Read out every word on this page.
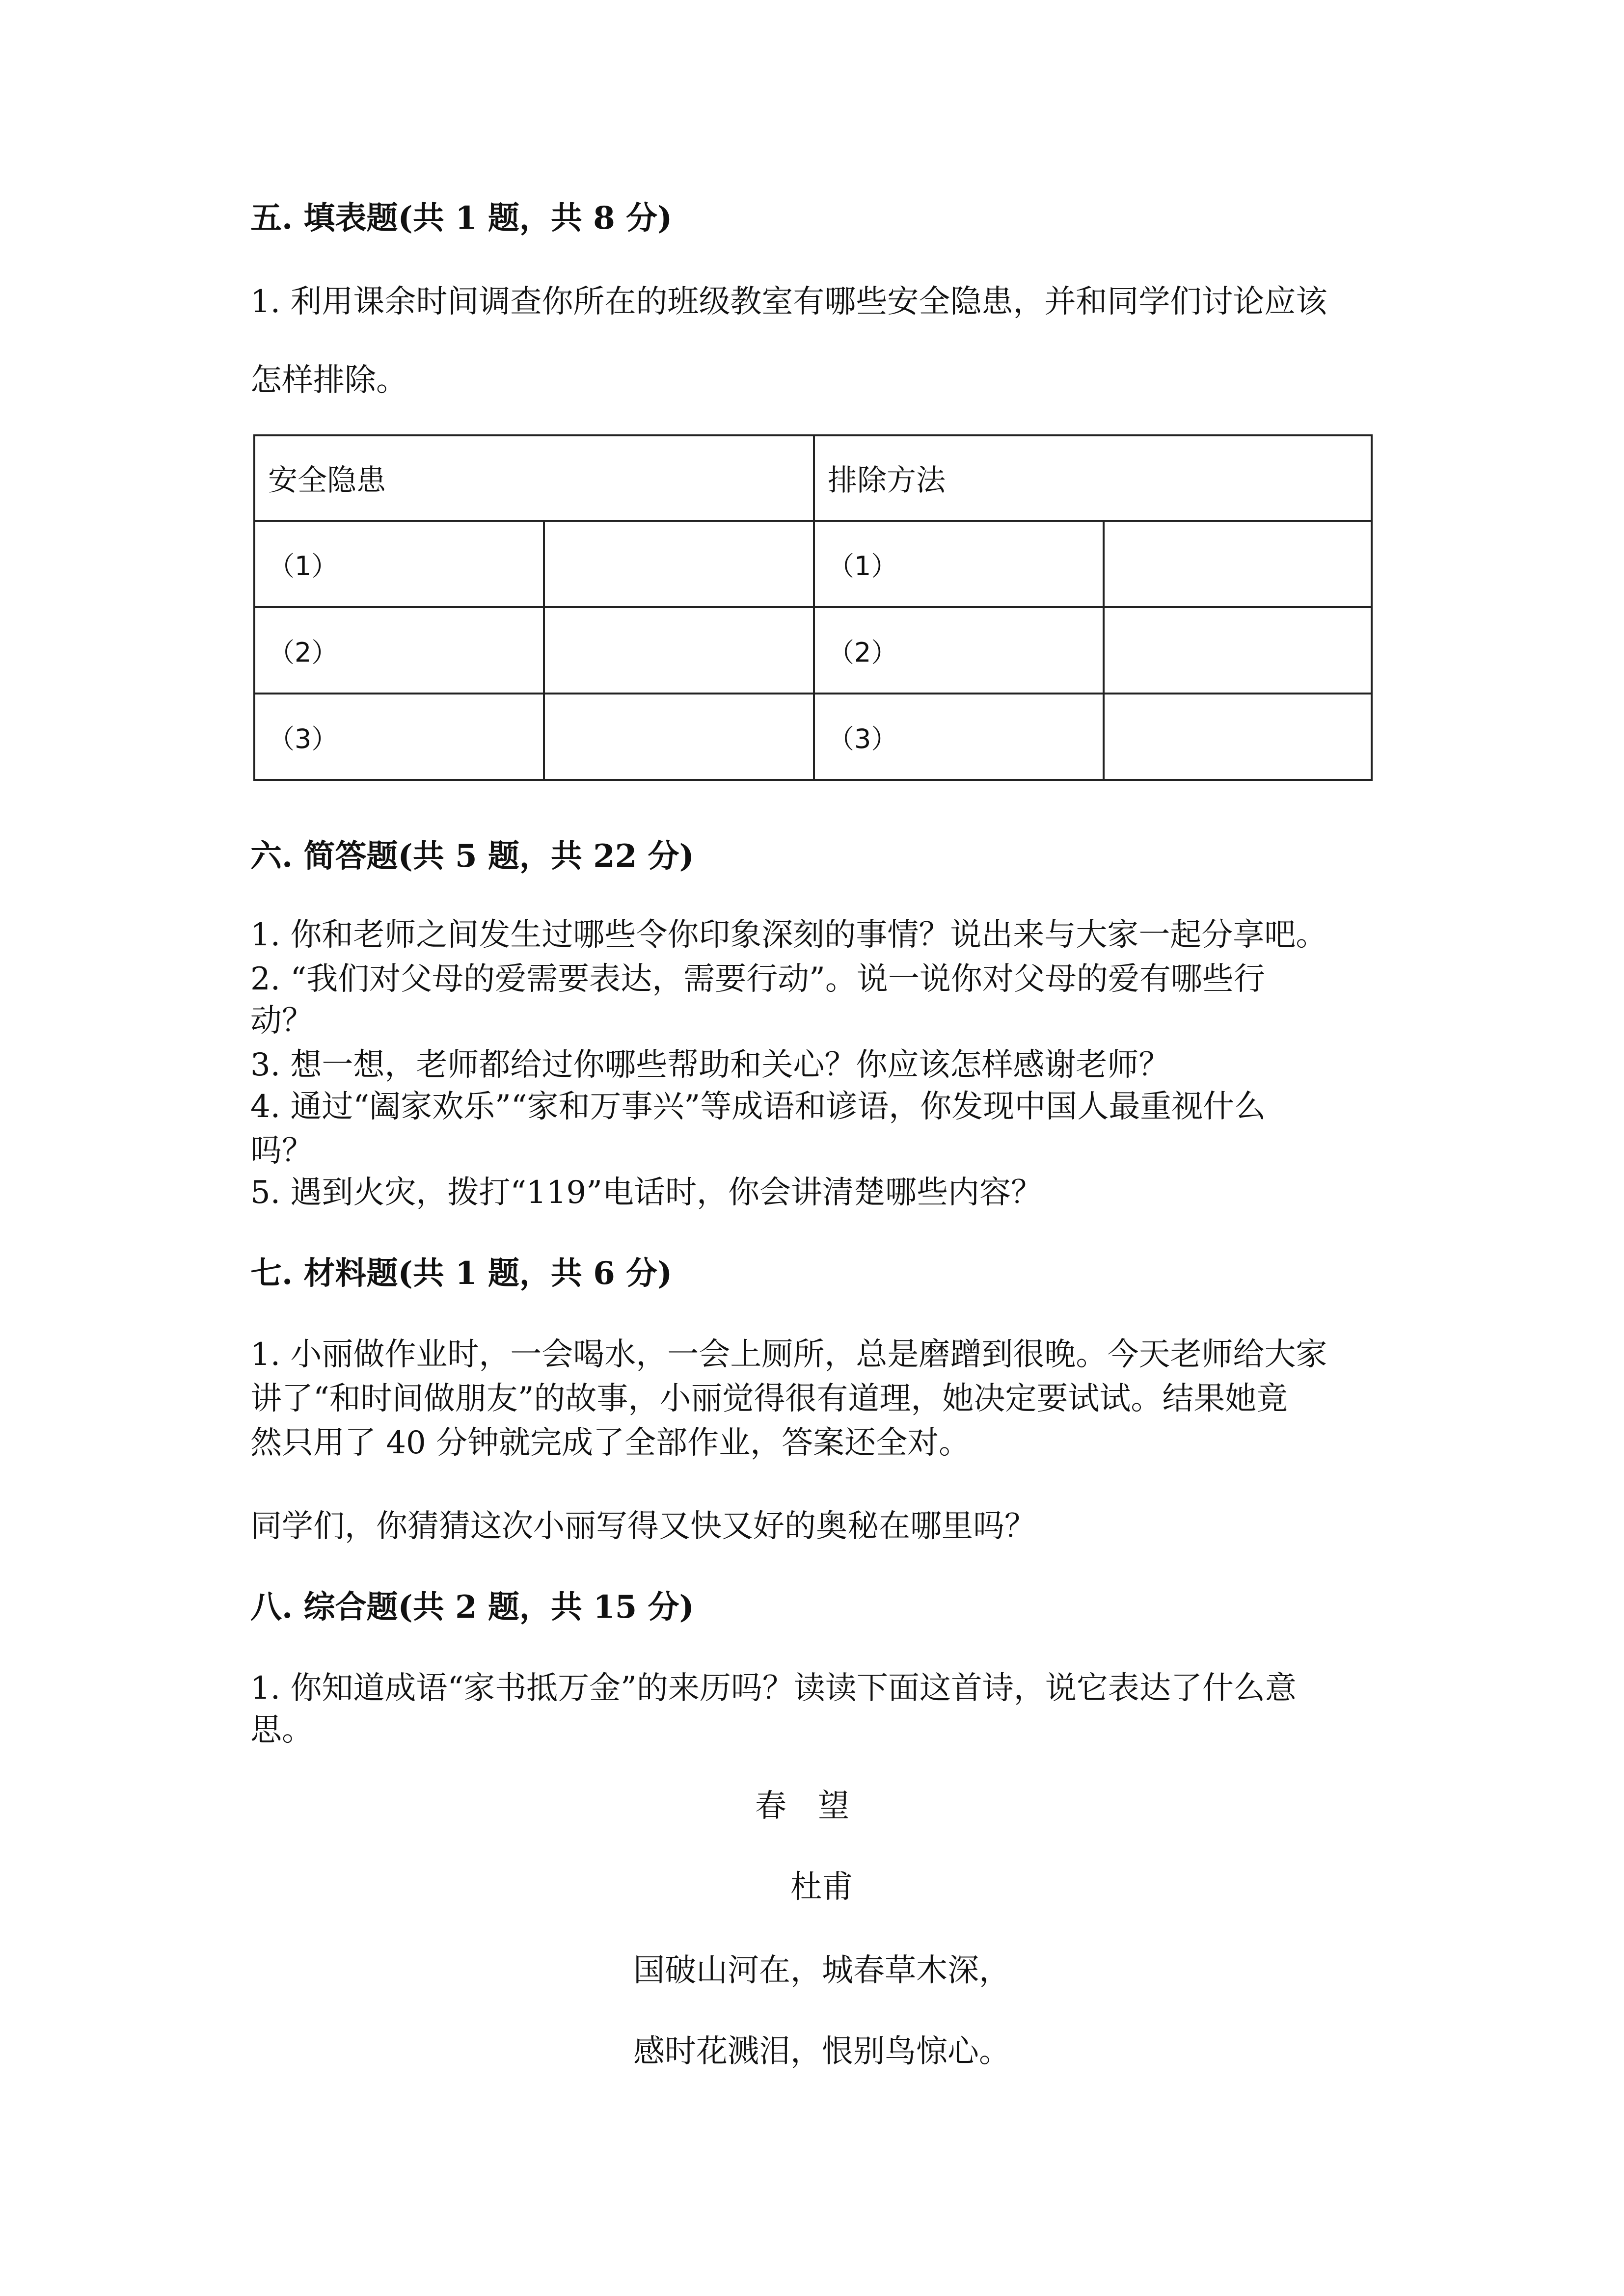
五. 填表题(共 1 题，共 8 分)
1. 利用课余时间调查你所在的班级教室有哪些安全隐患，并和同学们讨论应该
怎样排除。
安全隐患		排除方法	
（1）		（1）	
（2）		（2）	
（3）		（3）	
六. 简答题(共 5 题，共 22 分)
1. 你和老师之间发生过哪些令你印象深刻的事情？说出来与大家一起分享吧。
2. “我们对父母的爱需要表达，需要行动”。说一说你对父母的爱有哪些行
动？
3. 想一想，老师都给过你哪些帮助和关心？你应该怎样感谢老师？
4. 通过“阖家欢乐”“家和万事兴”等成语和谚语，你发现中国人最重视什么
吗？
5. 遇到火灾，拨打“119”电话时，你会讲清楚哪些内容？
七. 材料题(共 1 题，共 6 分)
1. 小丽做作业时，一会喝水，一会上厕所，总是磨蹭到很晚。今天老师给大家
讲了“和时间做朋友”的故事，小丽觉得很有道理，她决定要试试。结果她竟
然只用了 40 分钟就完成了全部作业，答案还全对。
同学们，你猜猜这次小丽写得又快又好的奥秘在哪里吗？
八. 综合题(共 2 题，共 15 分)
1. 你知道成语“家书抵万金”的来历吗？读读下面这首诗，说它表达了什么意
思。
春　望
杜甫
国破山河在，城春草木深，
感时花溅泪，恨别鸟惊心。
